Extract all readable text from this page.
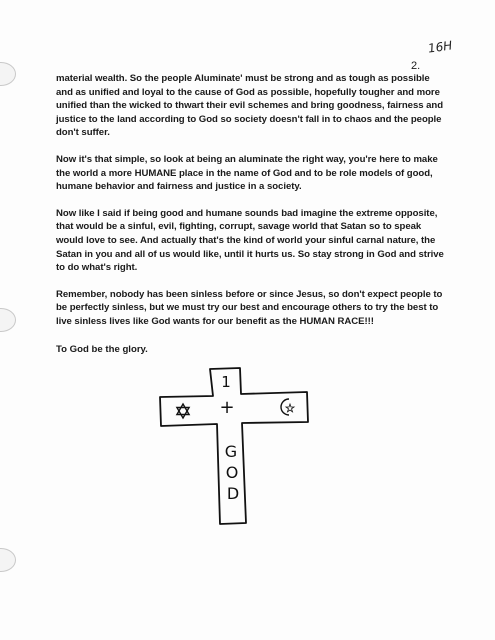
16H
2.

material wealth. So the people Aluminate' must be strong and as tough as possible and as unified and loyal to the cause of God as possible, hopefully tougher and more unified than the wicked to thwart their evil schemes and bring goodness, fairness and justice to the land according to God so society doesn't fall in to chaos and the people don't suffer.

Now it's that simple, so look at being an aluminate the right way, you're here to make the world a more HUMANE place in the name of God and to be role models of good, humane behavior and fairness and justice in a society.

Now like I said if being good and humane sounds bad imagine the extreme opposite, that would be a sinful, evil, fighting, corrupt, savage world that Satan so to speak would love to see. And actually that's the kind of world your sinful carnal nature, the Satan in you and all of us would like, until it hurts us. So stay strong in God and strive to do what's right.

Remember, nobody has been sinless before or since Jesus, so don't expect people to be perfectly sinless, but we must try our best and encourage others to try the best to live sinless lives like God wants for our benefit as the HUMAN RACE!!!

To God be the glory.
1
+
G
O
D
